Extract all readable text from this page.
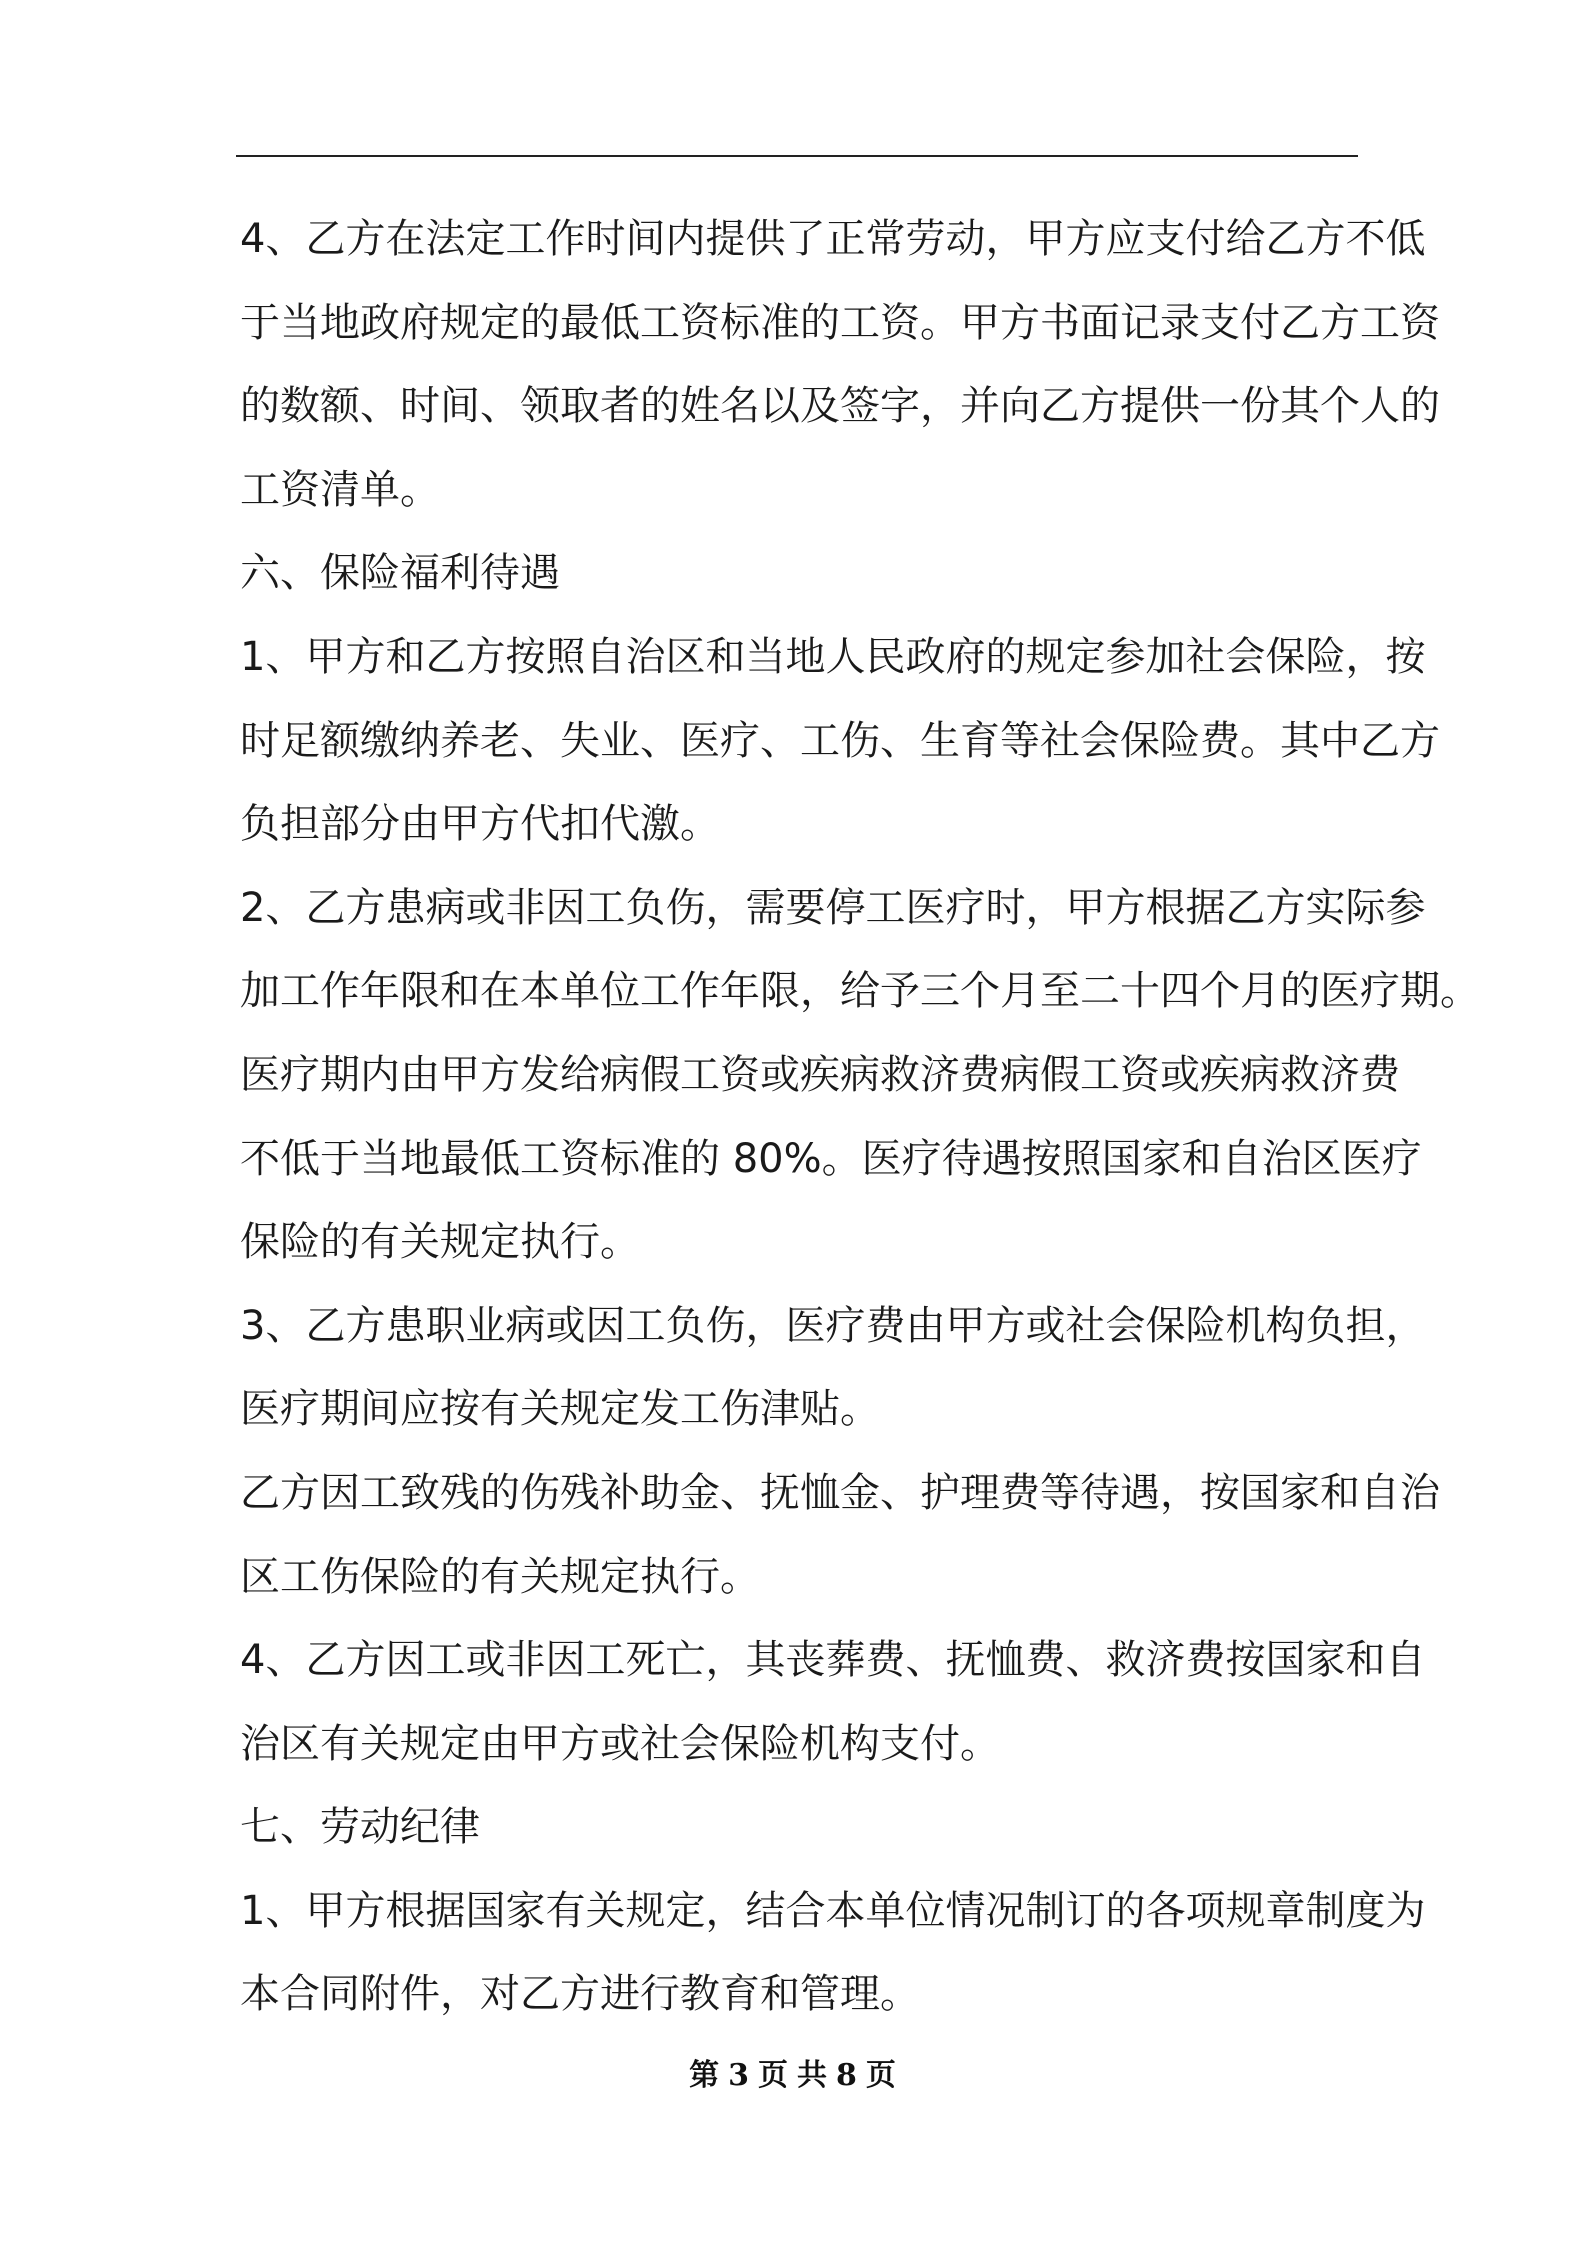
4、乙方在法定工作时间内提供了正常劳动，甲方应支付给乙方不低
于当地政府规定的最低工资标准的工资。甲方书面记录支付乙方工资
的数额、时间、领取者的姓名以及签字，并向乙方提供一份其个人的
工资清单。
六、保险福利待遇
1、甲方和乙方按照自治区和当地人民政府的规定参加社会保险，按
时足额缴纳养老、失业、医疗、工伤、生育等社会保险费。其中乙方
负担部分由甲方代扣代激。
2、乙方患病或非因工负伤，需要停工医疗时，甲方根据乙方实际参
加工作年限和在本单位工作年限，给予三个月至二十四个月的医疗期。
医疗期内由甲方发给病假工资或疾病救济费病假工资或疾病救济费
不低于当地最低工资标准的 80%。医疗待遇按照国家和自治区医疗
保险的有关规定执行。
3、乙方患职业病或因工负伤，医疗费由甲方或社会保险机构负担，
医疗期间应按有关规定发工伤津贴。
乙方因工致残的伤残补助金、抚恤金、护理费等待遇，按国家和自治
区工伤保险的有关规定执行。
4、乙方因工或非因工死亡，其丧葬费、抚恤费、救济费按国家和自
治区有关规定由甲方或社会保险机构支付。
七、劳动纪律
1、甲方根据国家有关规定，结合本单位情况制订的各项规章制度为
本合同附件，对乙方进行教育和管理。
第 3 页 共 8 页
